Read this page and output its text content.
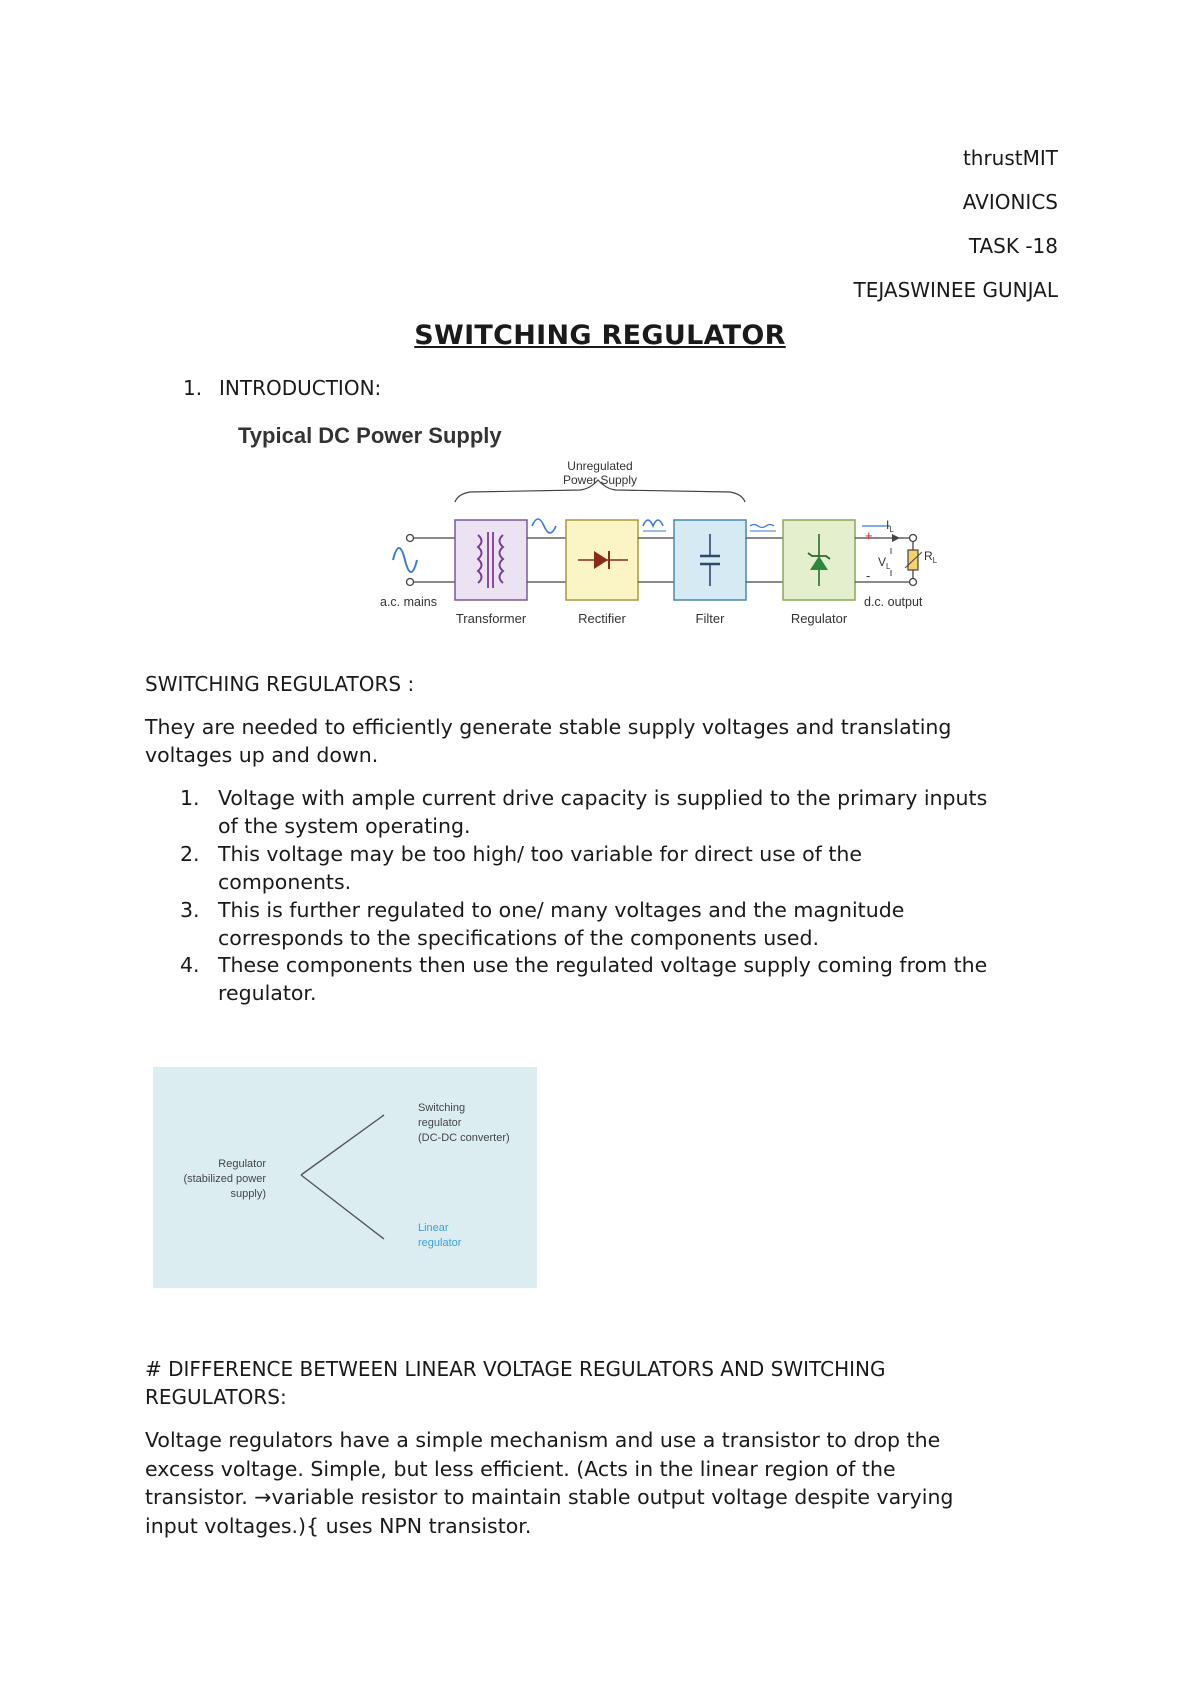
thrustMIT
AVIONICS
TASK -18
TEJASWINEE GUNJAL
SWITCHING REGULATOR
1. INTRODUCTION:
Typical DC Power Supply
Unregulated
Power Supply
a.c. mains
Transformer	Rectifier	Filter	Regulator
+
-
$I_L$
$V_L$
$R_L$
d.c. output
SWITCHING REGULATORS :
They are needed to efficiently generate stable supply voltages and translating voltages up and down.
1. Voltage with ample current drive capacity is supplied to the primary inputs
of the system operating.
2. This voltage may be too high/ too variable for direct use of the
components.
3. This is further regulated to one/ many voltages and the magnitude
corresponds to the specifications of the components used.
4. These components then use the regulated voltage supply coming from the
regulator.
Regulator
(stabilized power
supply)
Switching
regulator
(DC-DC converter)
Linear
regulator
# DIFFERENCE BETWEEN LINEAR VOLTAGE REGULATORS AND SWITCHING
REGULATORS:
Voltage regulators have a simple mechanism and use a transistor to drop the
excess voltage. Simple, but less efficient. (Acts in the linear region of the
transistor. →variable resistor to maintain stable output voltage despite varying
input voltages.){ uses NPN transistor.
